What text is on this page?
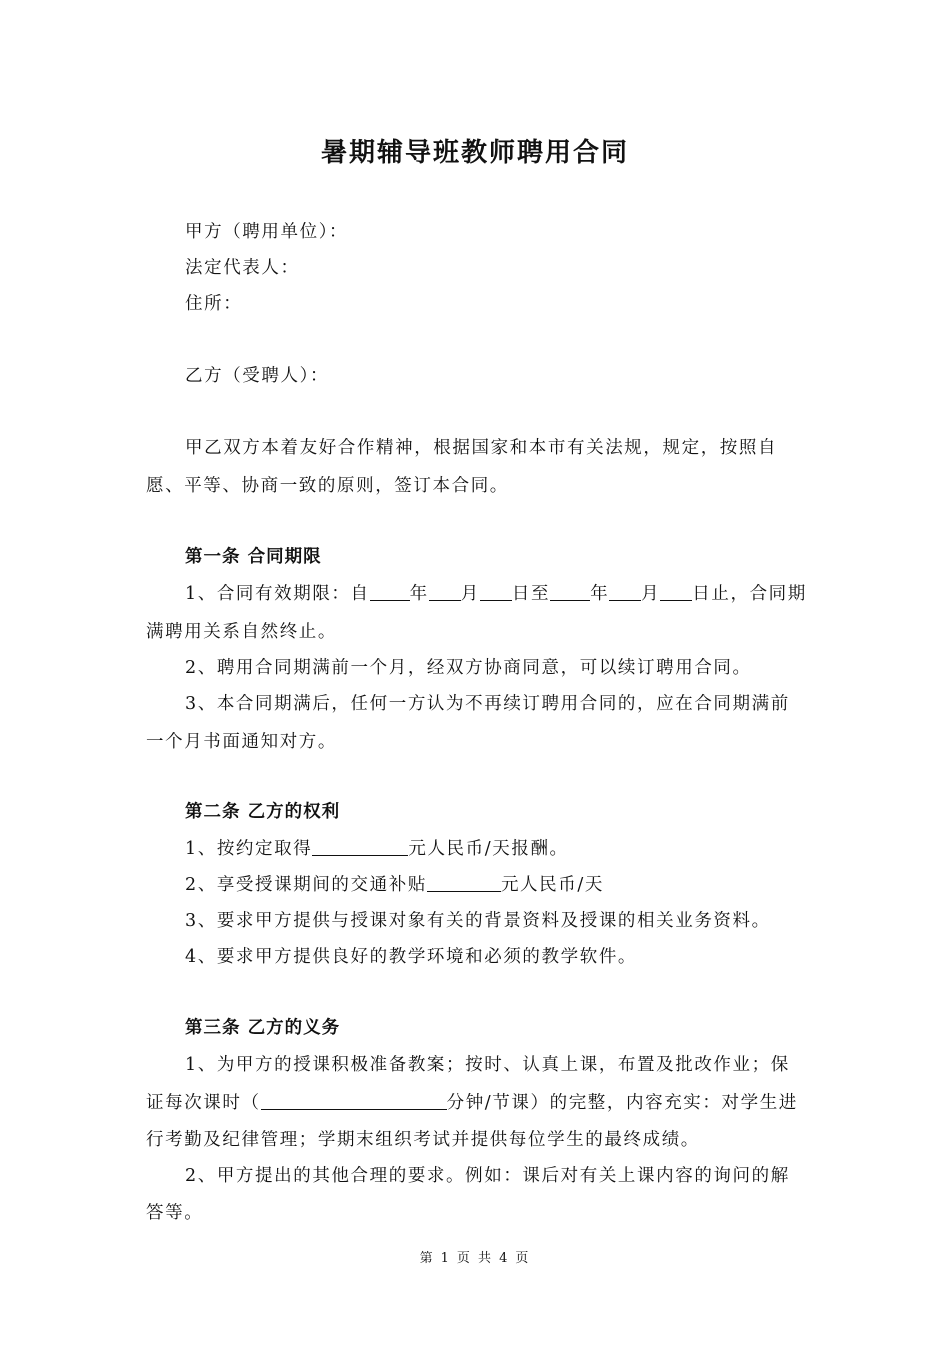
暑期辅导班教师聘用合同
甲方（聘用单位）：
法定代表人：
住所：
乙方（受聘人）：
甲乙双方本着友好合作精神，根据国家和本市有关法规，规定，按照自
愿、平等、协商一致的原则，签订本合同。
第一条 合同期限
1、合同有效期限：自 年 月 日至 年 月 日止，合同期
满聘用关系自然终止。
2、聘用合同期满前一个月，经双方协商同意，可以续订聘用合同。
3、本合同期满后，任何一方认为不再续订聘用合同的，应在合同期满前
一个月书面通知对方。
第二条 乙方的权利
1、按约定取得	元人民币/天报酬。
2、享受授课期间的交通补贴	元人民币/天
3、要求甲方提供与授课对象有关的背景资料及授课的相关业务资料。
4、要求甲方提供良好的教学环境和必须的教学软件。
第三条 乙方的义务
1、为甲方的授课积极准备教案；按时、认真上课，布置及批改作业；保
证每次课时（	分钟/节课）的完整，内容充实：对学生进
行考勤及纪律管理；学期末组织考试并提供每位学生的最终成绩。
2、甲方提出的其他合理的要求。例如：课后对有关上课内容的询问的解
答等。
第 1 页 共 4 页
